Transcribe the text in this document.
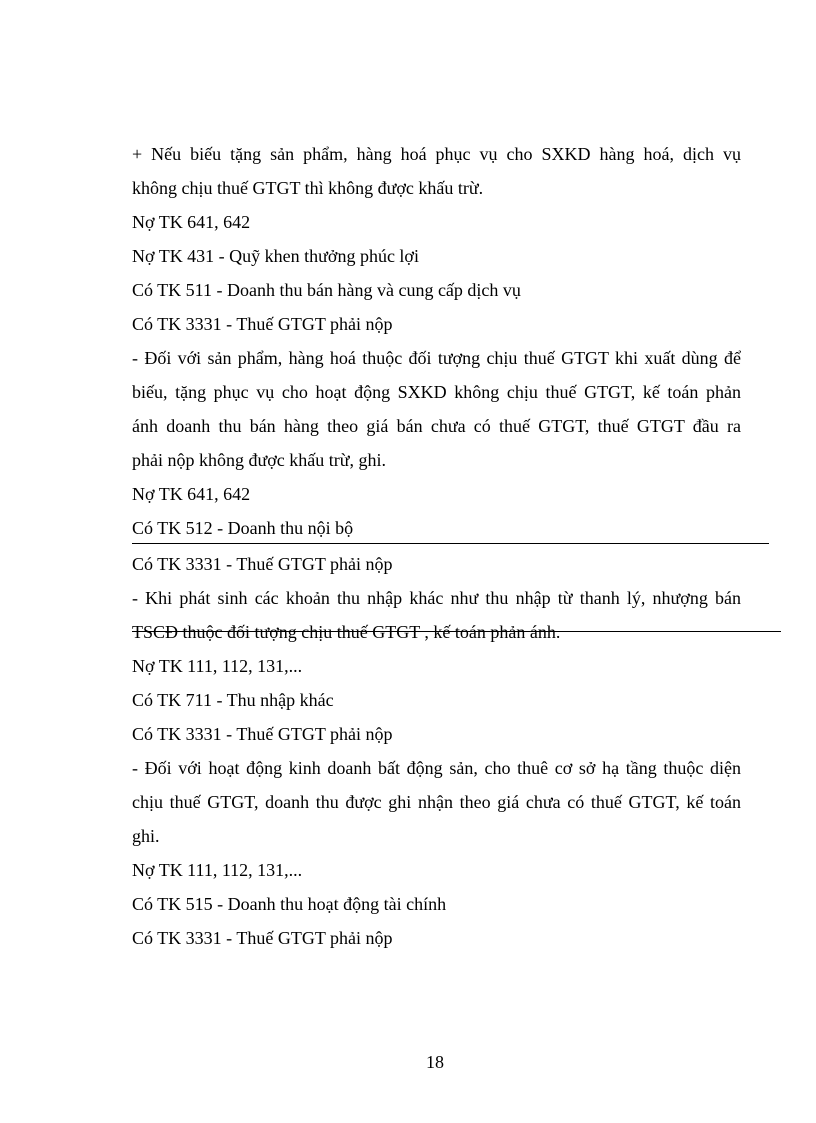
+ Nếu biếu tặng sản phẩm, hàng hoá phục vụ cho SXKD hàng hoá, dịch vụ
không chịu thuế GTGT thì không được khấu trừ.
Nợ TK 641, 642
Nợ TK 431 - Quỹ khen thưởng phúc lợi
Có TK 511 - Doanh thu bán hàng và cung cấp dịch vụ
Có TK 3331 - Thuế GTGT phải nộp
- Đối với sản phẩm, hàng hoá thuộc đối tượng chịu thuế GTGT khi xuất dùng để
biếu, tặng phục vụ cho hoạt động SXKD không chịu thuế GTGT, kế toán phản
ánh doanh thu bán hàng theo giá bán chưa có thuế GTGT, thuế GTGT đầu ra
phải nộp không được khấu trừ, ghi.
Nợ TK 641, 642
Có TK 512 - Doanh thu nội bộ
Có TK 3331 - Thuế GTGT phải nộp
- Khi phát sinh các khoản thu nhập khác như thu nhập từ thanh lý, nhượng bán
TSCĐ thuộc đối tượng chịu thuế GTGT , kế toán phản ánh.
Nợ TK 111, 112, 131,...
Có TK 711 - Thu nhập khác
Có TK 3331 - Thuế GTGT phải nộp
- Đối với hoạt động kinh doanh bất động sản, cho thuê cơ sở hạ tầng thuộc diện
chịu thuế GTGT, doanh thu được ghi nhận theo giá chưa có thuế GTGT, kế toán
ghi.
Nợ TK 111, 112, 131,...
Có TK 515 - Doanh thu hoạt động tài chính
Có TK 3331 - Thuế GTGT phải nộp
18
